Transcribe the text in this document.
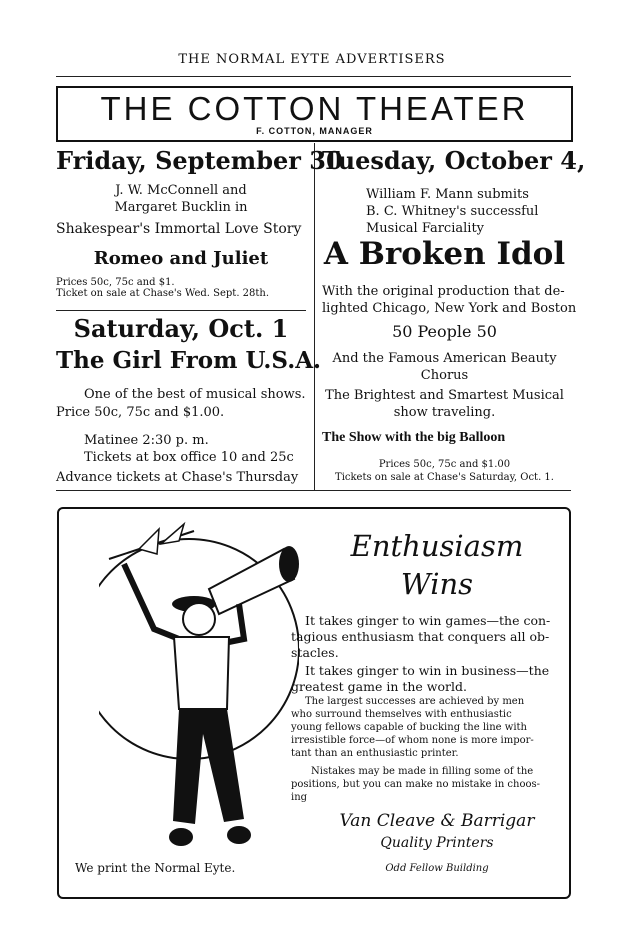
THE NORMAL EYTE ADVERTISERS
THE COTTON THEATER
F. COTTON, MANAGER
Friday, September 30
J. W. McConnell and
Margaret Bucklin in
Shakespear's Immortal Love Story
Romeo and Juliet
Prices 50c, 75c and $1.
Ticket on sale at Chase's Wed. Sept. 28th.
Saturday, Oct. 1
The Girl From U.S.A.
One of the best of musical shows.
Price 50c, 75c and $1.00.
Matinee 2:30 p. m.
Tickets at box office 10 and 25c
Advance tickets at Chase's Thursday
Tuesday, October 4,
William F. Mann submits
B. C. Whitney's successful
Musical Farciality
A Broken Idol
With the original production that de-
lighted Chicago, New York and Boston
50 People 50
And the Famous American Beauty
Chorus
The Brightest and Smartest Musical
show traveling.
The Show with the big Balloon
Prices 50c, 75c and $1.00
Tickets on sale at Chase's Saturday, Oct. 1.
Enthusiasm
Wins
It takes ginger to win games—the con-
tagious enthusiasm that conquers all ob-
stacles.
It takes ginger to win in business—the
greatest game in the world.
The largest successes are achieved by men
who surround themselves with enthusiastic
young fellows capable of bucking the line with
irresistible force—of whom none is more impor-
tant than an enthusiastic printer.
Nistakes may be made in filling some of the
positions, but you can make no mistake in choos-
ing
Van Cleave & Barrigar
Quality Printers
Odd Fellow Building
We print the Normal Eyte.
